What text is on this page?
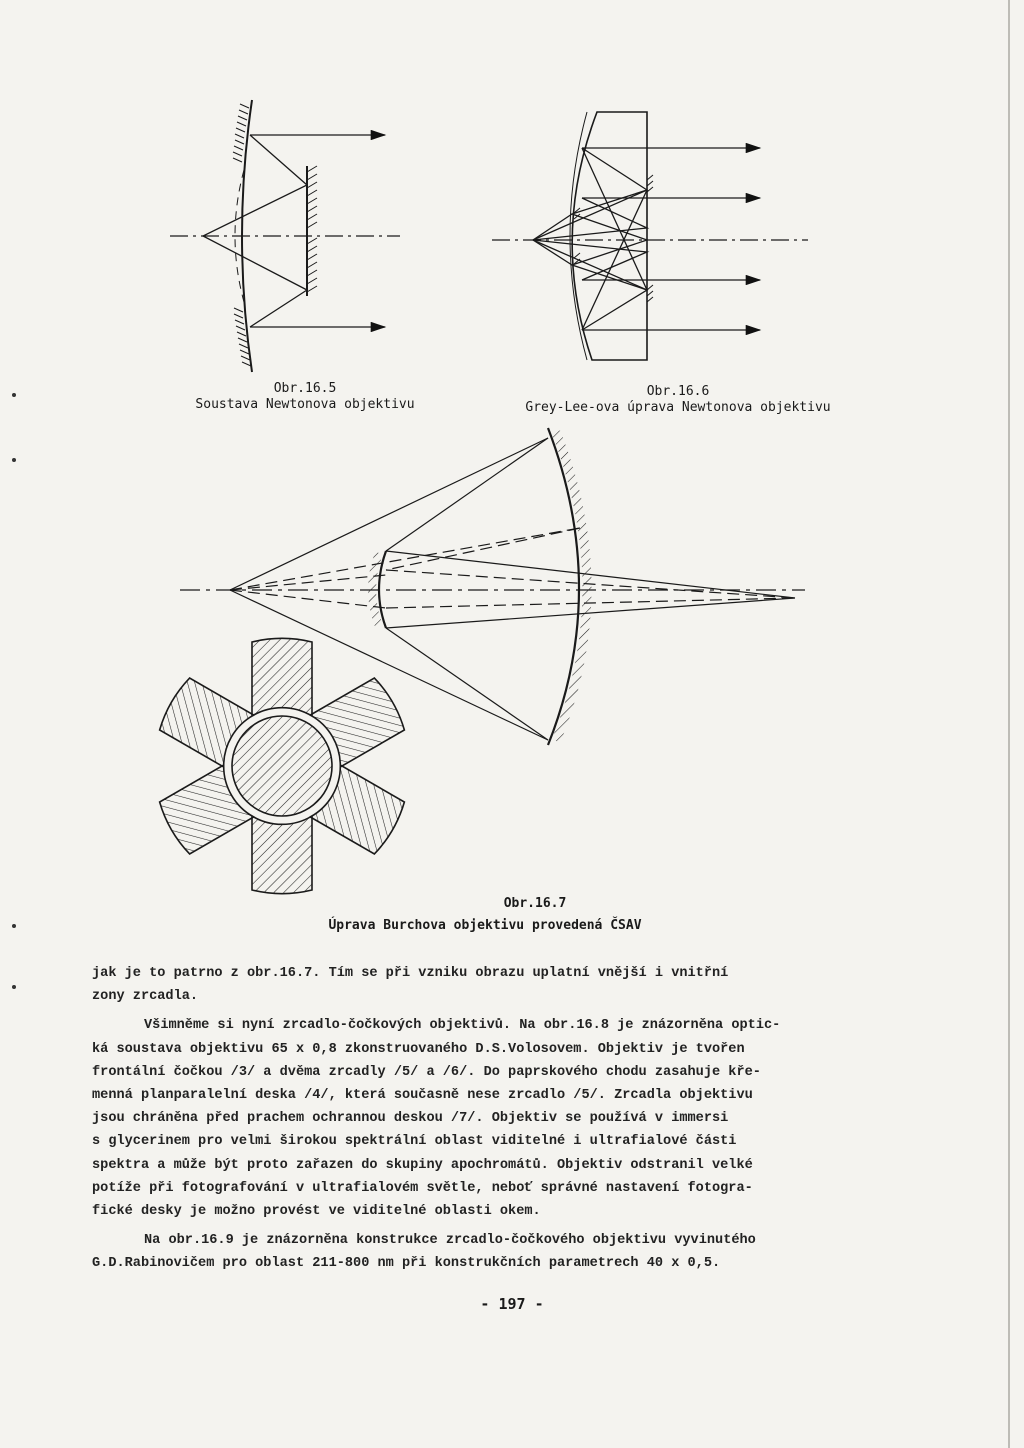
Obr.16.5
Soustava Newtonova objektivu
Obr.16.6
Grey-Lee-ova úprava Newtonova objektivu
Obr.16.7
Úprava Burchova objektivu provedená ČSAV

jak je to patrno z obr.16.7. Tím se při vzniku obrazu uplatní vnější i vnitřní

zony zrcadla.

Všimněme si nyní zrcadlo-čočkových objektivů. Na obr.16.8 je znázorněna optic-

ká soustava objektivu 65 x 0,8 zkonstruovaného D.S.Volosovem. Objektiv je tvořen

frontální čočkou /3/ a dvěma zrcadly /5/ a /6/. Do paprskového chodu zasahuje kře-

menná planparalelní deska /4/, která současně nese zrcadlo /5/. Zrcadla objektivu

jsou chráněna před prachem ochrannou deskou /7/. Objektiv se používá v immersi

s glycerinem pro velmi širokou spektrální oblast viditelné i ultrafialové části

spektra a může být proto zařazen do skupiny apochromátů. Objektiv odstranil velké

potíže při fotografování v ultrafialovém světle, neboť správné nastavení fotogra-

fické desky je možno provést ve viditelné oblasti okem.

Na obr.16.9 je znázorněna konstrukce zrcadlo-čočkového objektivu vyvinutého

G.D.Rabinovičem pro oblast 211-800 nm při konstrukčních parametrech 40 x 0,5.

- 197 -
